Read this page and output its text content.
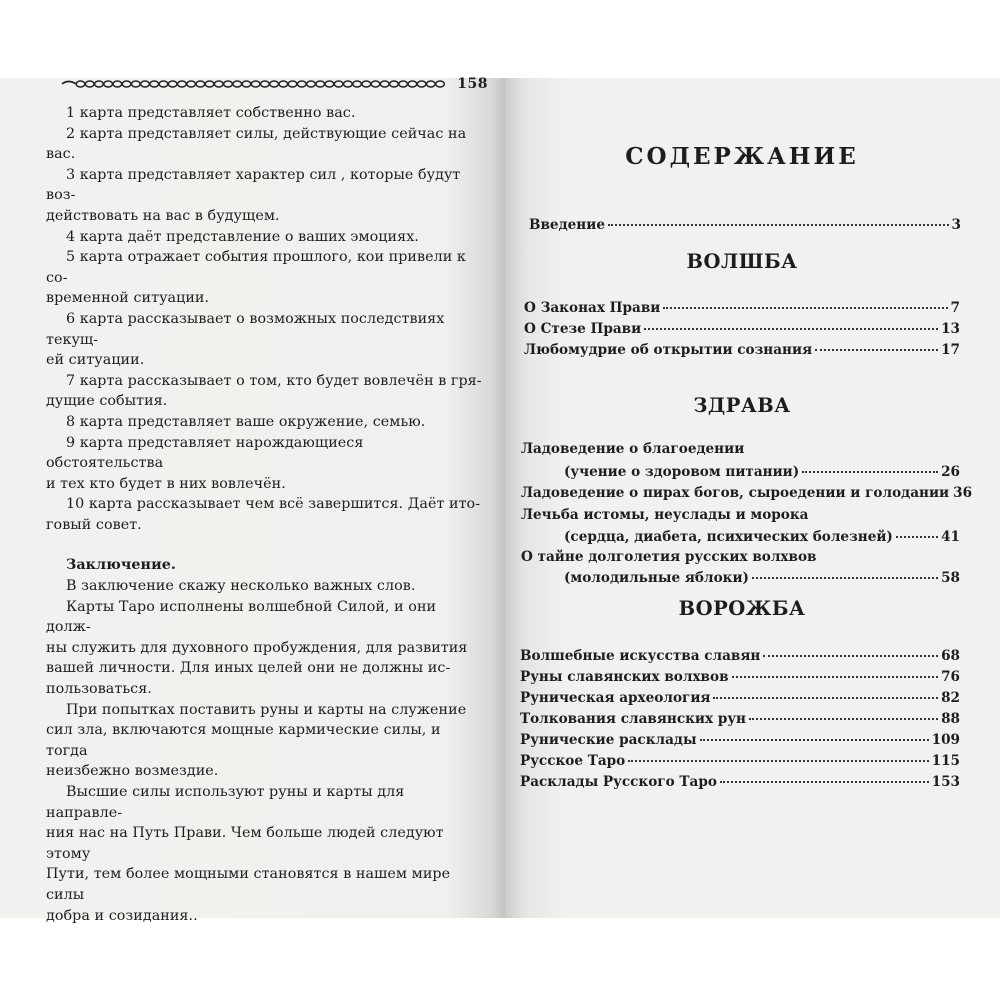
158

1 карта представляет собственно вас.

2 карта представляет силы, действующие сейчас на вас.

3 карта представляет характер сил , которые будут воз-

действовать на вас в будущем.

4 карта даёт представление о ваших эмоциях.

5 карта отражает события прошлого, кои привели к со-

временной ситуации.

6 карта рассказывает о возможных последствиях текущ-

ей ситуации.

7 карта рассказывает о том, кто будет вовлечён в гря-

дущие события.

8 карта представляет ваше окружение, семью.

9 карта представляет нарождающиеся обстоятельства

и тех кто будет в них вовлечён.

10 карта рассказывает чем всё завершится. Даёт ито-

говый совет.

Заключение.

В заключение скажу несколько важных слов.

Карты Таро исполнены волшебной Силой, и они долж-

ны служить для духовного пробуждения, для развития

вашей личности. Для иных целей они не должны ис-

пользоваться.

При попытках поставить руны и карты на служение

сил зла, включаются мощные кармические силы, и тогда

неизбежно возмездие.

Высшие силы используют руны и карты для направле-

ния нас на Путь Прави. Чем больше людей следуют этому

Пути, тем более мощными становятся в нашем мире силы

добра и созидания..

СОДЕРЖАНИЕ
Введение	3
ВОЛШБА
О Законах Прави	7
О Стезе Прави	13
Любомудрие об открытии сознания	17
ЗДРАВА
Ладоведение о благоедении
(учение о здоровом питании)	26
Ладоведение о пирах богов, сыроедении и голодании 36
Лечьба истомы, неуслады и морока
(сердца, диабета, психических болезней)	41
О тайне долголетия русских волхвов
(молодильные яблоки)	58
ВОРОЖБА
Волшебные искусства славян	68
Руны славянских волхвов	76
Руническая археология	82
Толкования славянских рун	88
Рунические расклады	109
Русское Таро	115
Расклады Русского Таро	153
